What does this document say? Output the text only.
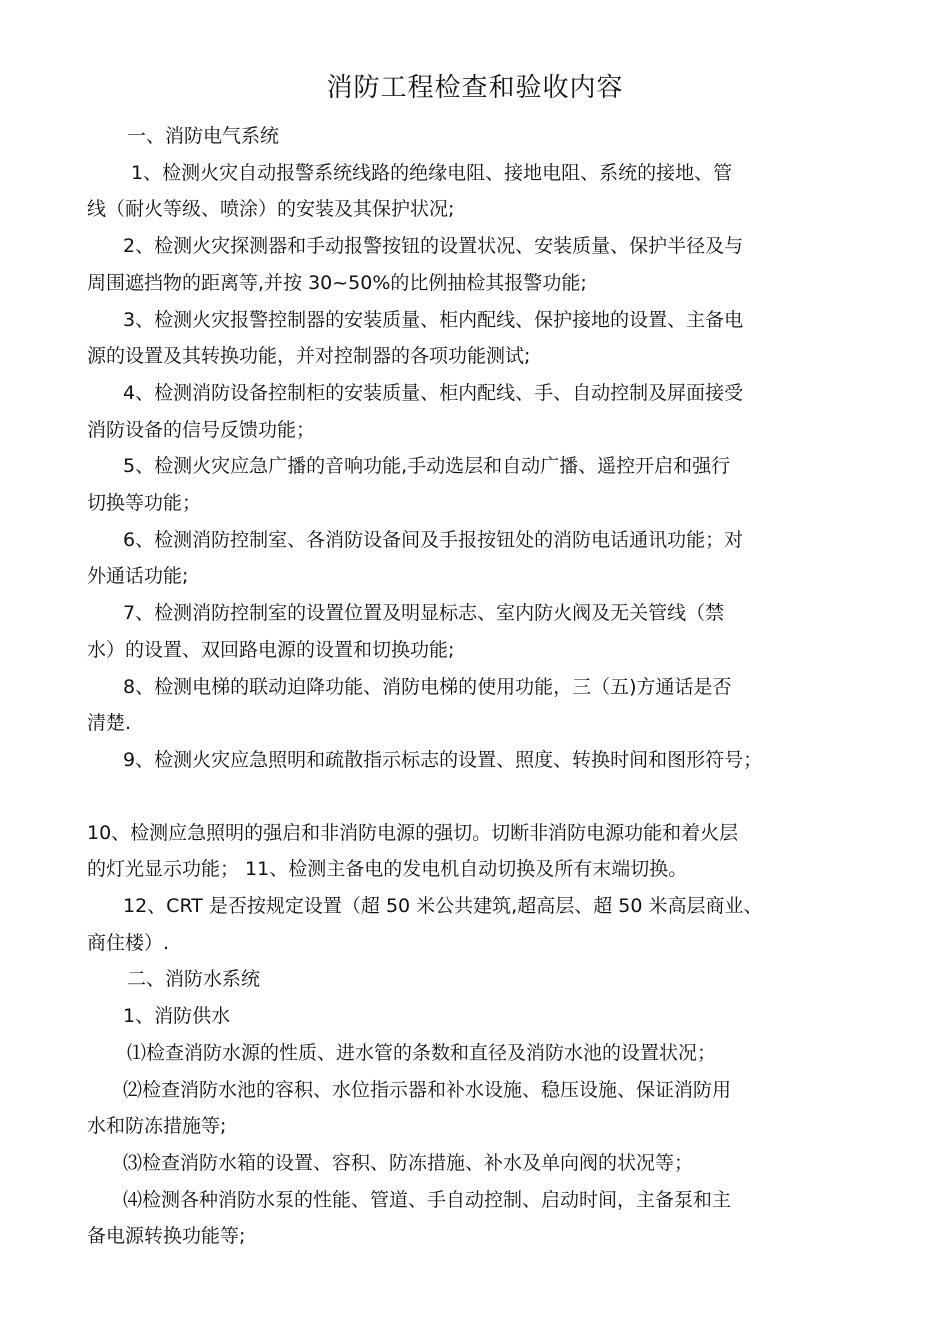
消防工程检查和验收内容

一、消防电气系统

1、检测火灾自动报警系统线路的绝缘电阻、接地电阻、系统的接地、管

线（耐火等级、喷涂）的安装及其保护状况;

2、检测火灾探测器和手动报警按钮的设置状况、安装质量、保护半径及与

周围遮挡物的距离等,并按 30~50%的比例抽检其报警功能;

3、检测火灾报警控制器的安装质量、柜内配线、保护接地的设置、主备电

源的设置及其转换功能，并对控制器的各项功能测试;

4、检测消防设备控制柜的安装质量、柜内配线、手、自动控制及屏面接受

消防设备的信号反馈功能；

5、检测火灾应急广播的音响功能,手动选层和自动广播、遥控开启和强行

切换等功能；

6、检测消防控制室、各消防设备间及手报按钮处的消防电话通讯功能；对

外通话功能;

7、检测消防控制室的设置位置及明显标志、室内防火阀及无关管线（禁

水）的设置、双回路电源的设置和切换功能;

8、检测电梯的联动迫降功能、消防电梯的使用功能，三（五)方通话是否

清楚.

9、检测火灾应急照明和疏散指示标志的设置、照度、转换时间和图形符号；

10、检测应急照明的强启和非消防电源的强切。切断非消防电源功能和着火层

的灯光显示功能； 11、检测主备电的发电机自动切换及所有末端切换。

12、CRT 是否按规定设置（超 50 米公共建筑,超高层、超 50 米高层商业、

商住楼）.

二、消防水系统

1、消防供水

⑴检查消防水源的性质、进水管的条数和直径及消防水池的设置状况；

⑵检查消防水池的容积、水位指示器和补水设施、稳压设施、保证消防用

水和防冻措施等;

⑶检查消防水箱的设置、容积、防冻措施、补水及单向阀的状况等；

⑷检测各种消防水泵的性能、管道、手自动控制、启动时间，主备泵和主

备电源转换功能等;
